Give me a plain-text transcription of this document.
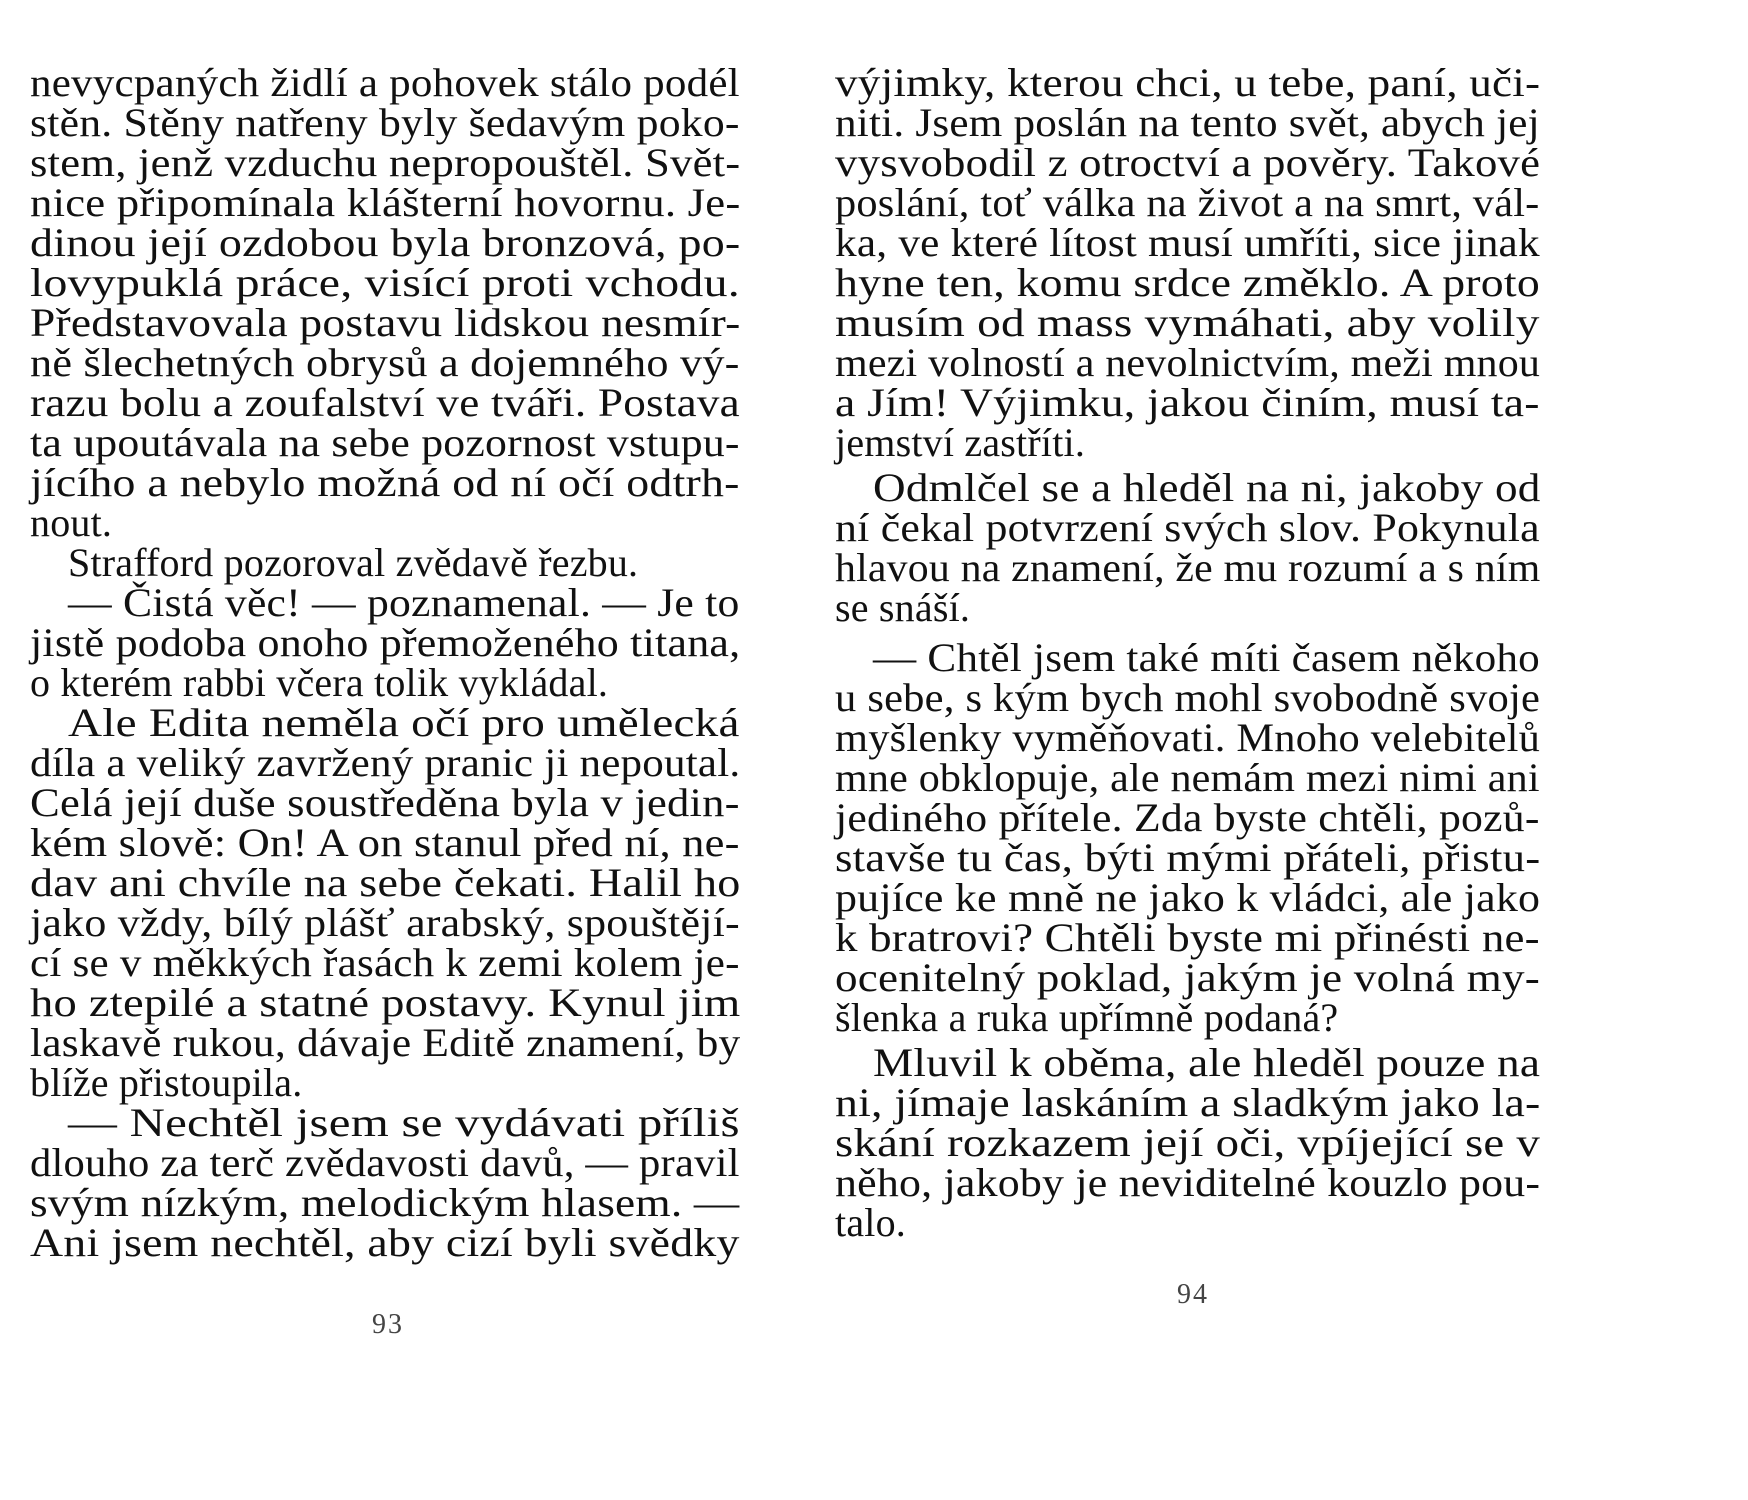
nevycpaných židlí a pohovek stálo podél
stěn. Stěny natřeny byly šedavým poko-
stem, jenž vzduchu nepropouštěl. Svět-
nice připomínala klášterní hovornu. Je-
dinou její ozdobou byla bronzová, po-
lovypuklá práce, visící proti vchodu.
Představovala postavu lidskou nesmír-
ně šlechetných obrysů a dojemného vý-
razu bolu a zoufalství ve tváři. Postava
ta upoutávala na sebe pozornost vstupu-
jícího a nebylo možná od ní očí odtrh-
nout.
Strafford pozoroval zvědavě řezbu.
— Čistá věc! — poznamenal. — Je to
jistě podoba onoho přemoženého titana,
o kterém rabbi včera tolik vykládal.
Ale Edita neměla očí pro umělecká
díla a veliký zavržený pranic ji nepoutal.
Celá její duše soustředěna byla v jedin-
kém slově: On! A on stanul před ní, ne-
dav ani chvíle na sebe čekati. Halil ho
jako vždy, bílý plášť arabský, spouštějí-
cí se v měkkých řasách k zemi kolem je-
ho ztepilé a statné postavy. Kynul jim
laskavě rukou, dávaje Editě znamení, by
blíže přistoupila.
— Nechtěl jsem se vydávati příliš
dlouho za terč zvědavosti davů, — pravil
svým nízkým, melodickým hlasem. —
Ani jsem nechtěl, aby cizí byli svědky
93
výjimky, kterou chci, u tebe, paní, uči-
niti. Jsem poslán na tento svět, abych jej
vysvobodil z otroctví a pověry. Takové
poslání, toť válka na život a na smrt, vál-
ka, ve které lítost musí umříti, sice jinak
hyne ten, komu srdce změklo. A proto
musím od mass vymáhati, aby volily
mezi volností a nevolnictvím, meži mnou
a Jím! Výjimku, jakou činím, musí ta-
jemství zastříti.
Odmlčel se a hleděl na ni, jakoby od
ní čekal potvrzení svých slov. Pokynula
hlavou na znamení, že mu rozumí a s ním
se snáší.
— Chtěl jsem také míti časem někoho
u sebe, s kým bych mohl svobodně svoje
myšlenky vyměňovati. Mnoho velebitelů
mne obklopuje, ale nemám mezi nimi ani
jediného přítele. Zda byste chtěli, pozů-
stavše tu čas, býti mými přáteli, přistu-
pujíce ke mně ne jako k vládci, ale jako
k bratrovi? Chtěli byste mi přinésti ne-
ocenitelný poklad, jakým je volná my-
šlenka a ruka upřímně podaná?
Mluvil k oběma, ale hleděl pouze na
ni, jímaje laskáním a sladkým jako la-
skání rozkazem její oči, vpíjející se v
něho, jakoby je neviditelné kouzlo pou-
talo.
94
